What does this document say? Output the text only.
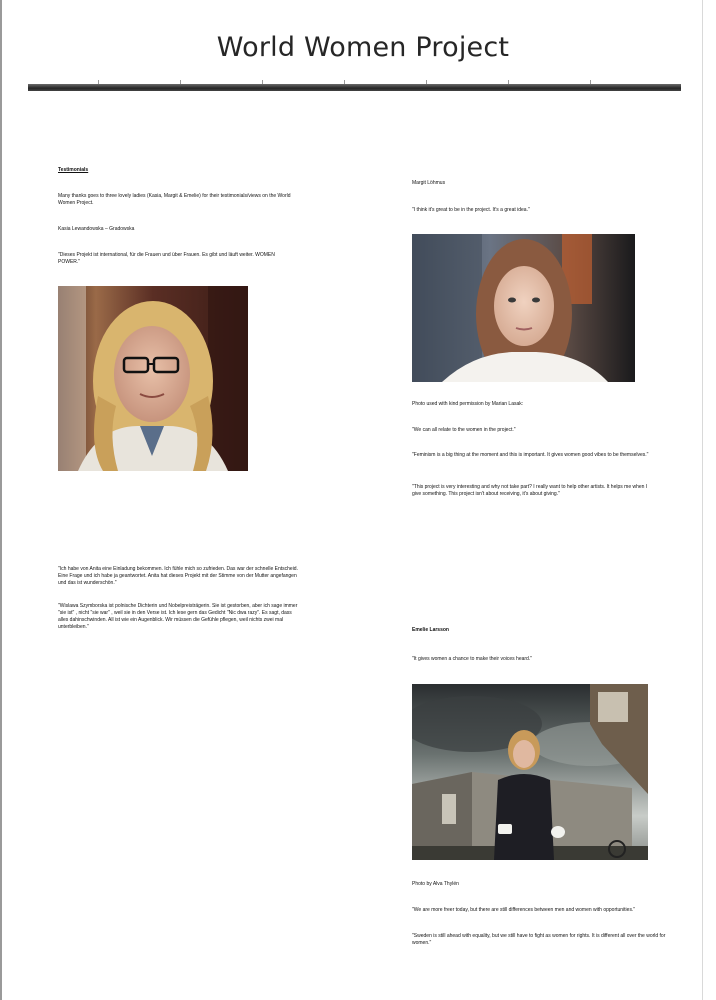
World Women Project

Testimonials

Many thanks goes to three lovely ladies (Kasia, Margit & Emelie) for their testimonials/views on the World Women Project.

Kasia Lewandowska – Gradowska

"Dieses Projekt ist international, für die Frauen und über Frauen. Es gibt und läuft weiter. WOMEN POWER."

"Ich habe von Anita eine Einladung bekommen. Ich fühle mich so zufrieden. Das war der schnelle Entscheid. Eine Frage und ich habe ja geantwortet. Anita hat dieses Projekt mit der Stimme von der Mutter angefangen und das ist wunderschön."

"Wislawa Szymborska ist polnische Dichterin und Nobelpreisträgerin. Sie ist gestorben, aber ich sage immer "sie ist" , nicht "sie war" , weil sie in den Verse ist. Ich lese gern das Gedicht "Nic dwa razy". Es sagt, dass alles dahinschwinden. All ist wie ein Augenblick. Wir müssen die Gefühle pflegen, weil nichts zwei mal unterbleiben."

Margit Löhmus

"I think it's great to be in the project. It's a great idea."

Photo used with kind permission by Marian Lasak:

"We can all relate to the women in the project."

"Feminism is a big thing at the moment and this is important. It gives women good vibes to be themselves."

"This project is very interesting and why not take part? I really want to help other artists. It helps me when I give something. This project isn't about receiving, it's about giving."

Emelie Larsson

"It gives women a chance to make their voices heard."

Photo by Alva Thylén

"We are more freer today, but there are still differences between men and women with opportunities."

"Sweden is still ahead with equality, but we still have to fight as women for rights. It is different all over the world for women."
